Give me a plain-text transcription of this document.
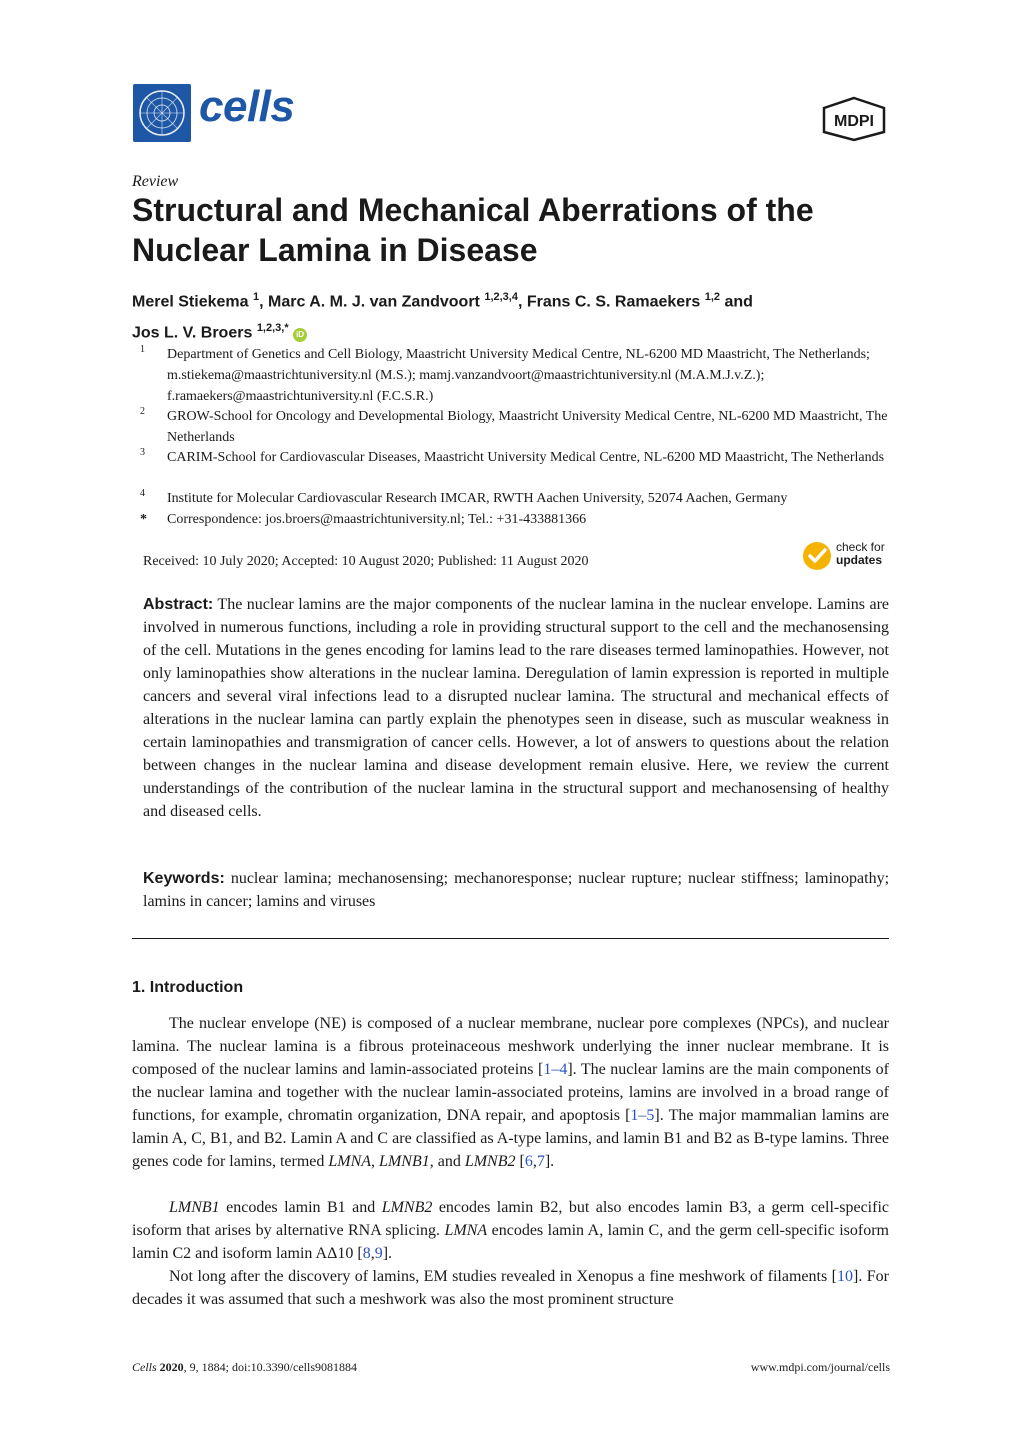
cells	MDPI
Review
Structural and Mechanical Aberrations of the Nuclear Lamina in Disease
Merel Stiekema $^1$, Marc A. M. J. van Zandvoort $^{1,2,3,4}$, Frans C. S. Ramaekers $^{1,2}$ and
Jos L. V. Broers $^{1,2,3,*}$ iD
1 Department of Genetics and Cell Biology, Maastricht University Medical Centre, NL-6200 MD Maastricht, The Netherlands; m.stiekema@maastrichtuniversity.nl (M.S.); mamj.vanzandvoort@maastrichtuniversity.nl (M.A.M.J.v.Z.); f.ramaekers@maastrichtuniversity.nl (F.C.S.R.)
2 GROW-School for Oncology and Developmental Biology, Maastricht University Medical Centre, NL-6200 MD Maastricht, The Netherlands
3 CARIM-School for Cardiovascular Diseases, Maastricht University Medical Centre, NL-6200 MD Maastricht, The Netherlands
4 Institute for Molecular Cardiovascular Research IMCAR, RWTH Aachen University, 52074 Aachen, Germany
* Correspondence: jos.broers@maastrichtuniversity.nl; Tel.: +31-433881366
Received: 10 July 2020; Accepted: 10 August 2020; Published: 11 August 2020
check for
updates
Abstract: The nuclear lamins are the major components of the nuclear lamina in the nuclear envelope. Lamins are involved in numerous functions, including a role in providing structural support to the cell and the mechanosensing of the cell. Mutations in the genes encoding for lamins lead to the rare diseases termed laminopathies. However, not only laminopathies show alterations in the nuclear lamina. Deregulation of lamin expression is reported in multiple cancers and several viral infections lead to a disrupted nuclear lamina. The structural and mechanical effects of alterations in the nuclear lamina can partly explain the phenotypes seen in disease, such as muscular weakness in certain laminopathies and transmigration of cancer cells. However, a lot of answers to questions about the relation between changes in the nuclear lamina and disease development remain elusive. Here, we review the current understandings of the contribution of the nuclear lamina in the structural support and mechanosensing of healthy and diseased cells.
Keywords: nuclear lamina; mechanosensing; mechanoresponse; nuclear rupture; nuclear stiffness; laminopathy; lamins in cancer; lamins and viruses
1. Introduction

The nuclear envelope (NE) is composed of a nuclear membrane, nuclear pore complexes (NPCs), and nuclear lamina. The nuclear lamina is a fibrous proteinaceous meshwork underlying the inner nuclear membrane. It is composed of the nuclear lamins and lamin-associated proteins [1–4]. The nuclear lamins are the main components of the nuclear lamina and together with the nuclear lamin-associated proteins, lamins are involved in a broad range of functions, for example, chromatin organization, DNA repair, and apoptosis [1–5]. The major mammalian lamins are lamin A, C, B1, and B2. Lamin A and C are classified as A-type lamins, and lamin B1 and B2 as B-type lamins. Three genes code for lamins, termed LMNA, LMNB1, and LMNB2 [6,7].

LMNB1 encodes lamin B1 and LMNB2 encodes lamin B2, but also encodes lamin B3, a germ cell-specific isoform that arises by alternative RNA splicing. LMNA encodes lamin A, lamin C, and the germ cell-specific isoform lamin C2 and isoform lamin AΔ10 [8,9].

Not long after the discovery of lamins, EM studies revealed in Xenopus a fine meshwork of filaments [10]. For decades it was assumed that such a meshwork was also the most prominent structure

Cells 2020, 9, 1884; doi:10.3390/cells9081884	www.mdpi.com/journal/cells
